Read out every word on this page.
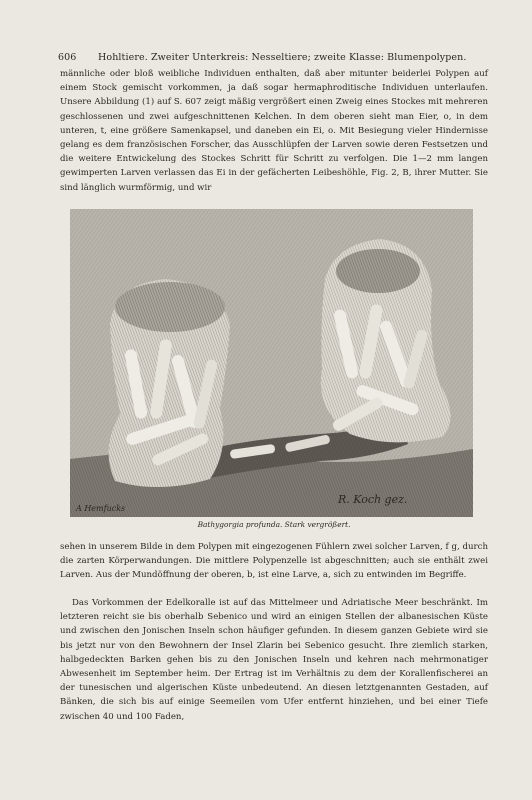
606 Hohltiere. Zweiter Unterkreis: Nesseltiere; zweite Klasse: Blumenpolypen.

männliche oder bloß weibliche Individuen enthalten, daß aber mitunter beiderlei Polypen auf einem Stock gemischt vorkommen, ja daß sogar hermaphroditische Individuen unterlaufen. Unsere Abbildung (1) auf S. 607 zeigt mäßig vergrößert einen Zweig eines Stockes mit mehreren geschlossenen und zwei aufgeschnittenen Kelchen. In dem oberen sieht man Eier, o, in dem unteren, t, eine größere Samenkapsel, und daneben ein Ei, o. Mit Besiegung vieler Hindernisse gelang es dem französischen Forscher, das Ausschlüpfen der Larven sowie deren Festsetzen und die weitere Entwickelung des Stockes Schritt für Schritt zu verfolgen. Die 1—2 mm langen gewimperten Larven verlassen das Ei in der gefächerten Leibeshöhle, Fig. 2, B, ihrer Mutter. Sie sind länglich wurmförmig, und wir

A Hemfucks
R. Koch gez.
Bathygorgia profunda. Stark vergrößert.

sehen in unserem Bilde in dem Polypen mit eingezogenen Fühlern zwei solcher Larven, f g, durch die zarten Körperwandungen. Die mittlere Polypenzelle ist abgeschnitten; auch sie enthält zwei Larven. Aus der Mundöffnung der oberen, b, ist eine Larve, a, sich zu entwinden im Begriffe.

Das Vorkommen der Edelkoralle ist auf das Mittelmeer und Adriatische Meer beschränkt. Im letzteren reicht sie bis oberhalb Sebenico und wird an einigen Stellen der albanesischen Küste und zwischen den Jonischen Inseln schon häufiger gefunden. In diesem ganzen Gebiete wird sie bis jetzt nur von den Bewohnern der Insel Zlarin bei Sebenico gesucht. Ihre ziemlich starken, halbgedeckten Barken gehen bis zu den Jonischen Inseln und kehren nach mehrmonatiger Abwesenheit im September heim. Der Ertrag ist im Verhältnis zu dem der Korallenfischerei an der tunesischen und algerischen Küste unbedeutend. An diesen letztgenannten Gestaden, auf Bänken, die sich bis auf einige Seemeilen vom Ufer entfernt hinziehen, und bei einer Tiefe zwischen 40 und 100 Faden,
